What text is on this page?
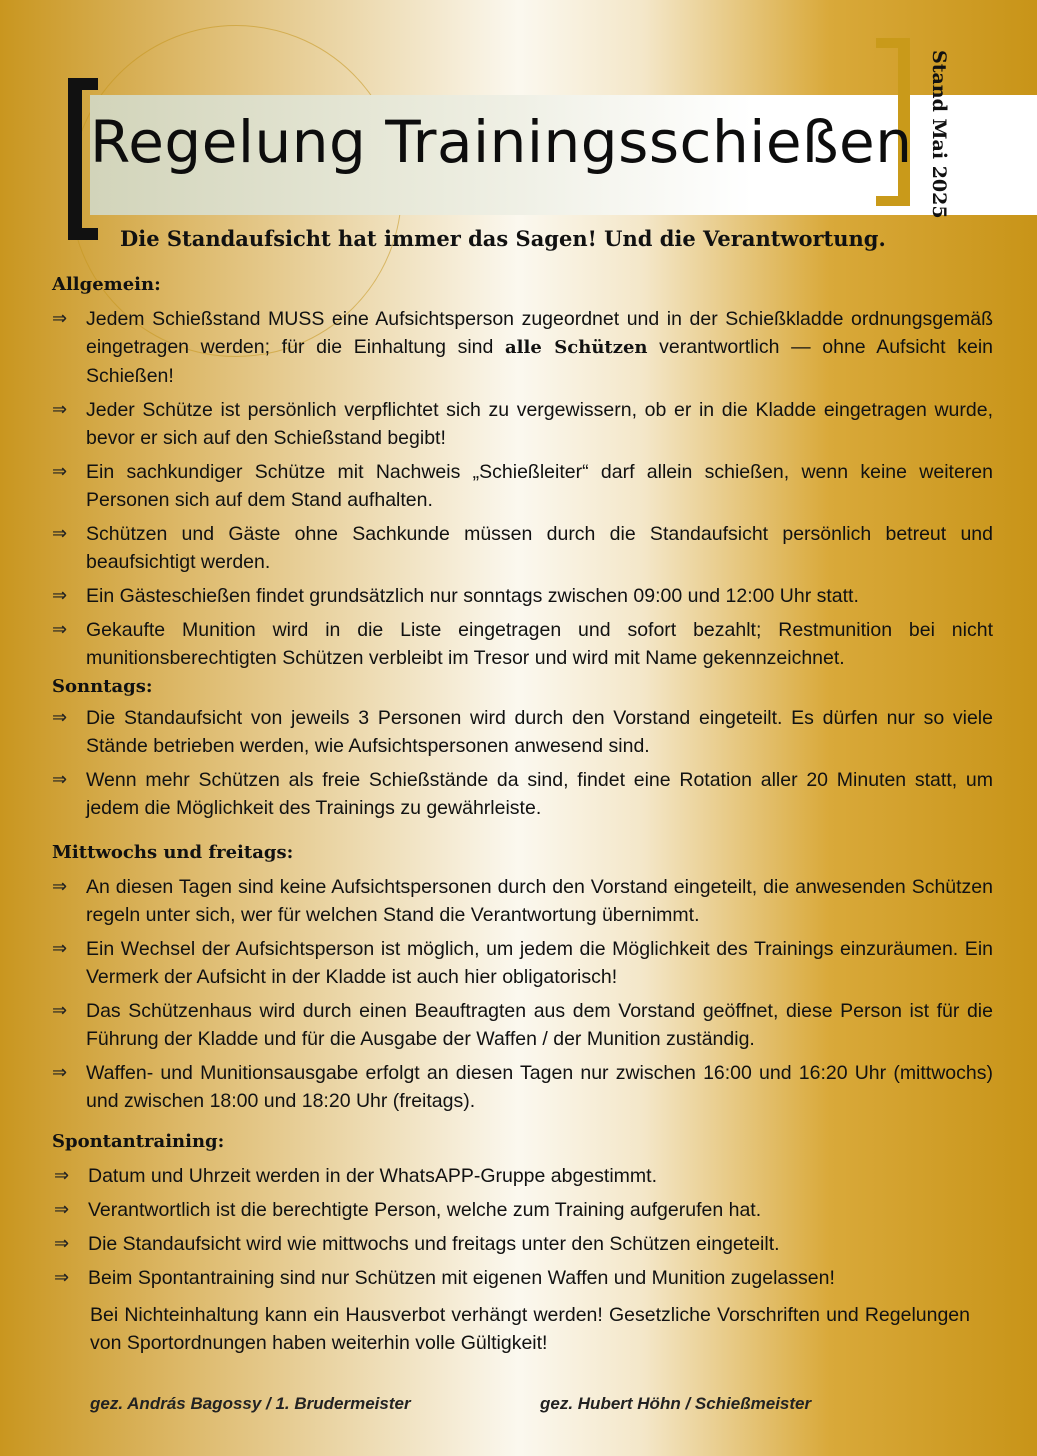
Regelung Trainingsschießen Stand Mai 2025

Die Standaufsicht hat immer das Sagen! Und die Verantwortung.

Allgemein:
⇒ Jedem Schießstand MUSS eine Aufsichtsperson zugeordnet und in der Schießkladde ordnungsgemäß eingetragen werden; für die Einhaltung sind alle Schützen verantwortlich — ohne Aufsicht kein Schießen!
⇒ Jeder Schütze ist persönlich verpflichtet sich zu vergewissern, ob er in die Kladde eingetragen wurde, bevor er sich auf den Schießstand begibt!
⇒ Ein sachkundiger Schütze mit Nachweis „Schießleiter“ darf allein schießen, wenn keine weiteren Personen sich auf dem Stand aufhalten.
⇒ Schützen und Gäste ohne Sachkunde müssen durch die Standaufsicht persönlich betreut und beaufsichtigt werden.
⇒ Ein Gästeschießen findet grundsätzlich nur sonntags zwischen 09:00 und 12:00 Uhr statt.
⇒ Gekaufte Munition wird in die Liste eingetragen und sofort bezahlt; Restmunition bei nicht munitionsberechtigten Schützen verbleibt im Tresor und wird mit Name gekennzeichnet.
Sonntags:
⇒ Die Standaufsicht von jeweils 3 Personen wird durch den Vorstand eingeteilt. Es dürfen nur so viele Stände betrieben werden, wie Aufsichtspersonen anwesend sind.
⇒ Wenn mehr Schützen als freie Schießstände da sind, findet eine Rotation aller 20 Minuten statt, um jedem die Möglichkeit des Trainings zu gewährleiste.
Mittwochs und freitags:
⇒ An diesen Tagen sind keine Aufsichtspersonen durch den Vorstand eingeteilt, die anwesenden Schützen regeln unter sich, wer für welchen Stand die Verantwortung übernimmt.
⇒ Ein Wechsel der Aufsichtsperson ist möglich, um jedem die Möglichkeit des Trainings einzuräumen. Ein Vermerk der Aufsicht in der Kladde ist auch hier obligatorisch!
⇒ Das Schützenhaus wird durch einen Beauftragten aus dem Vorstand geöffnet, diese Person ist für die Führung der Kladde und für die Ausgabe der Waffen / der Munition zuständig.
⇒ Waffen- und Munitionsausgabe erfolgt an diesen Tagen nur zwischen 16:00 und 16:20 Uhr (mittwochs) und zwischen 18:00 und 18:20 Uhr (freitags).
Spontantraining:
⇒ Datum und Uhrzeit werden in der WhatsAPP-Gruppe abgestimmt.
⇒ Verantwortlich ist die berechtigte Person, welche zum Training aufgerufen hat.
⇒ Die Standaufsicht wird wie mittwochs und freitags unter den Schützen eingeteilt.
⇒ Beim Spontantraining sind nur Schützen mit eigenen Waffen und Munition zugelassen!

Bei Nichteinhaltung kann ein Hausverbot verhängt werden! Gesetzliche Vorschriften und Regelungen von Sportordnungen haben weiterhin volle Gültigkeit!

gez. András Bagossy / 1. Brudermeister	gez. Hubert Höhn / Schießmeister
